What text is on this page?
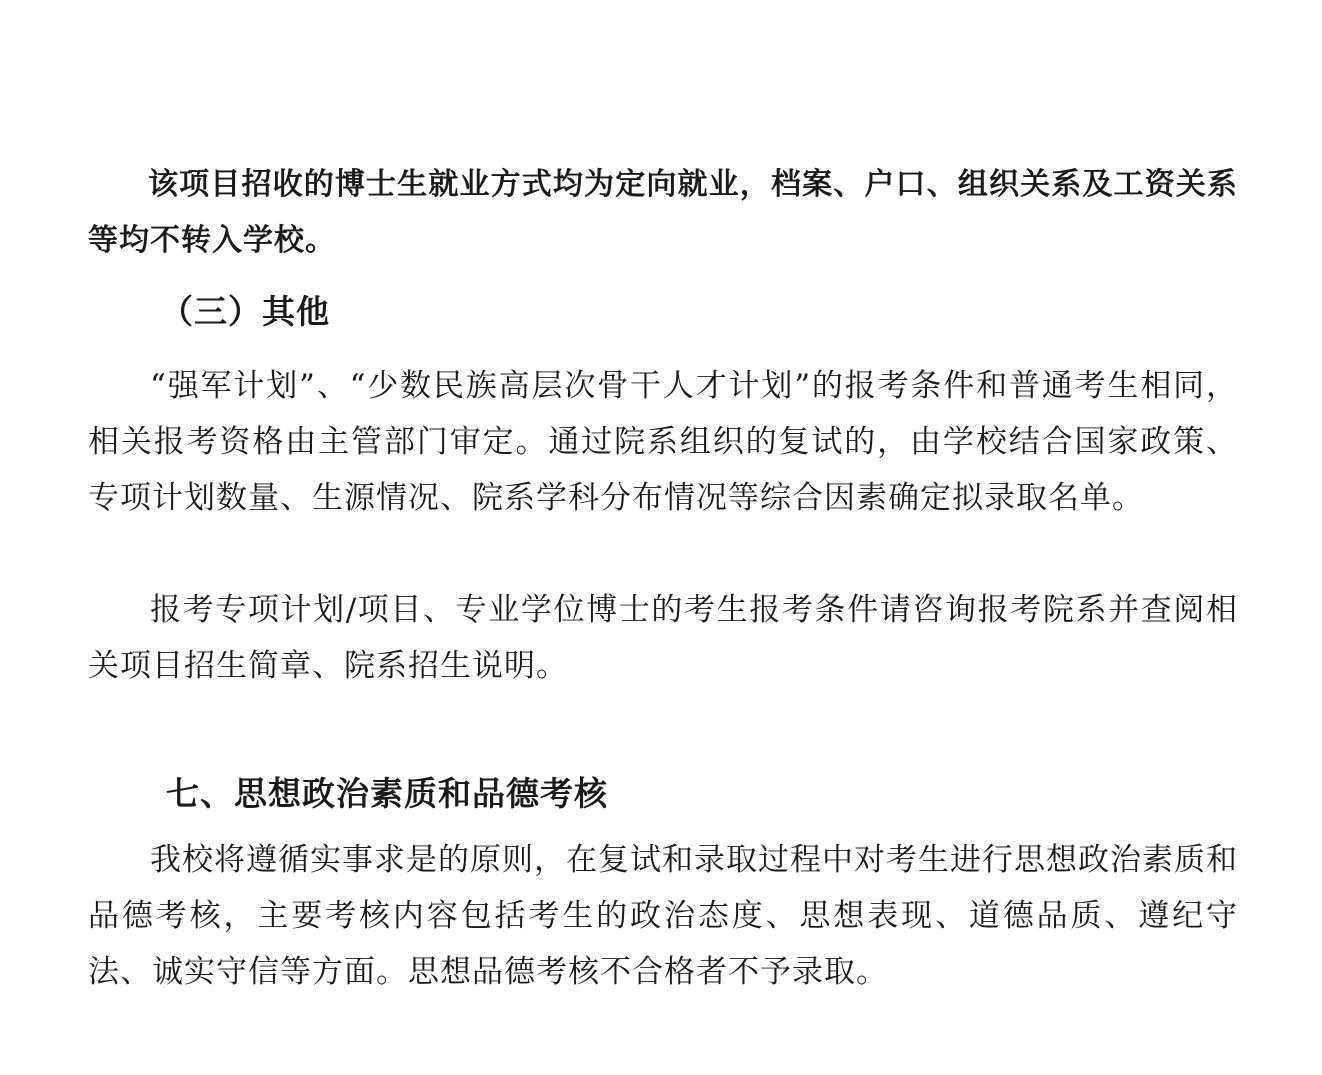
该项目招收的博士生就业方式均为定向就业，档案、户口、组织关系及工资关系等均不转入学校。

（三）其他

“强军计划”、“少数民族高层次骨干人才计划”的报考条件和普通考生相同，相关报考资格由主管部门审定。通过院系组织的复试的，由学校结合国家政策、专项计划数量、生源情况、院系学科分布情况等综合因素确定拟录取名单。

报考专项计划/项目、专业学位博士的考生报考条件请咨询报考院系并查阅相关项目招生简章、院系招生说明。

七、思想政治素质和品德考核

我校将遵循实事求是的原则，在复试和录取过程中对考生进行思想政治素质和品德考核，主要考核内容包括考生的政治态度、思想表现、道德品质、遵纪守法、诚实守信等方面。思想品德考核不合格者不予录取。
